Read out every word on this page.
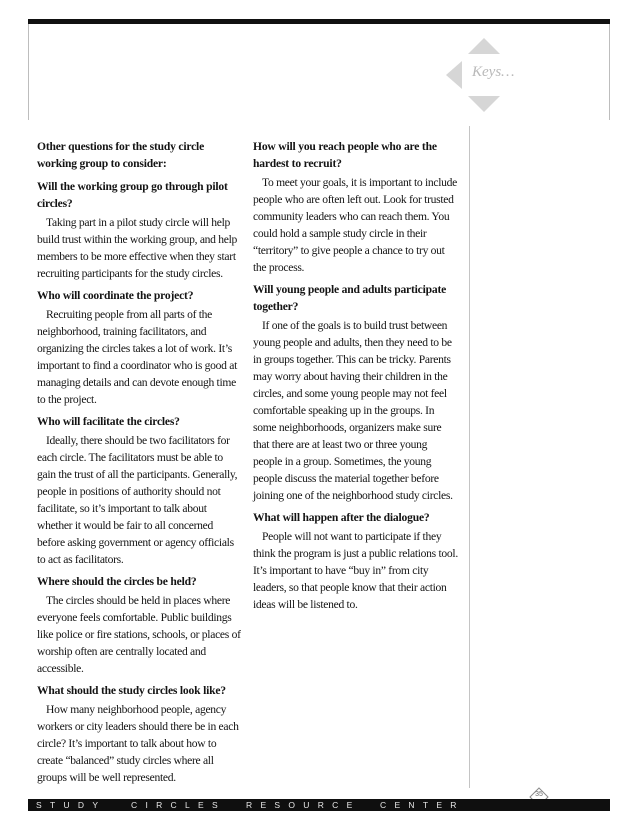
Keys…

Other questions for the study circle working group to consider:

Will the working group go through pilot circles?

Taking part in a pilot study circle will help build trust within the working group, and help members to be more effective when they start recruiting participants for the study circles.

Who will coordinate the project?

Recruiting people from all parts of the neighborhood, training facilitators, and organizing the circles takes a lot of work. It’s important to find a coordinator who is good at managing details and can devote enough time to the project.

Who will facilitate the circles?

Ideally, there should be two facilitators for each circle. The facilitators must be able to gain the trust of all the participants. Generally, people in positions of authority should not facilitate, so it’s important to talk about whether it would be fair to all concerned before asking government or agency officials to act as facilitators.

Where should the circles be held?

The circles should be held in places where everyone feels comfortable. Public buildings like police or fire stations, schools, or places of worship often are centrally located and accessible.

What should the study circles look like?

How many neighborhood people, agency workers or city leaders should there be in each circle? It’s important to talk about how to create “balanced” study circles where all groups will be well represented.

How will you reach people who are the hardest to recruit?

To meet your goals, it is important to include people who are often left out. Look for trusted community leaders who can reach them. You could hold a sample study circle in their “territory” to give people a chance to try out the process.

Will young people and adults participate together?

If one of the goals is to build trust between young people and adults, then they need to be in groups together. This can be tricky. Parents may worry about having their children in the circles, and some young people may not feel comfortable speaking up in the groups. In some neighborhoods, organizers make sure that there are at least two or three young people in a group. Sometimes, the young people discuss the material together before joining one of the neighborhood study circles.

What will happen after the dialogue?

People will not want to participate if they think the program is just a public relations tool. It’s important to have “buy in” from city leaders, so that people know that their action ideas will be listened to.

35
STUDY	CIRCLES RESOURCE CENTER
